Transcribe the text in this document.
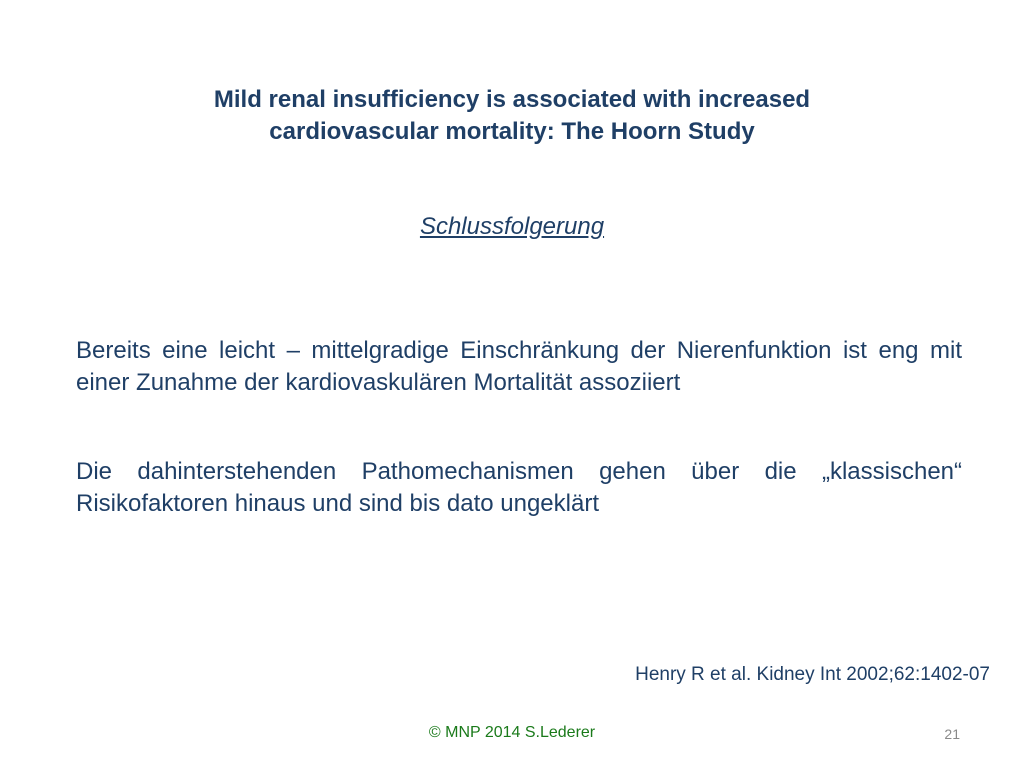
Mild renal insufficiency is associated with increased
cardiovascular mortality: The Hoorn Study
Schlussfolgerung
Bereits eine leicht – mittelgradige Einschränkung der Nierenfunktion ist eng mit einer Zunahme der kardiovaskulären Mortalität assoziiert
Die dahinterstehenden Pathomechanismen gehen über die „klassischen“ Risikofaktoren hinaus und sind bis dato ungeklärt
Henry R et al. Kidney Int 2002;62:1402-07
© MNP 2014 S.Lederer	21
